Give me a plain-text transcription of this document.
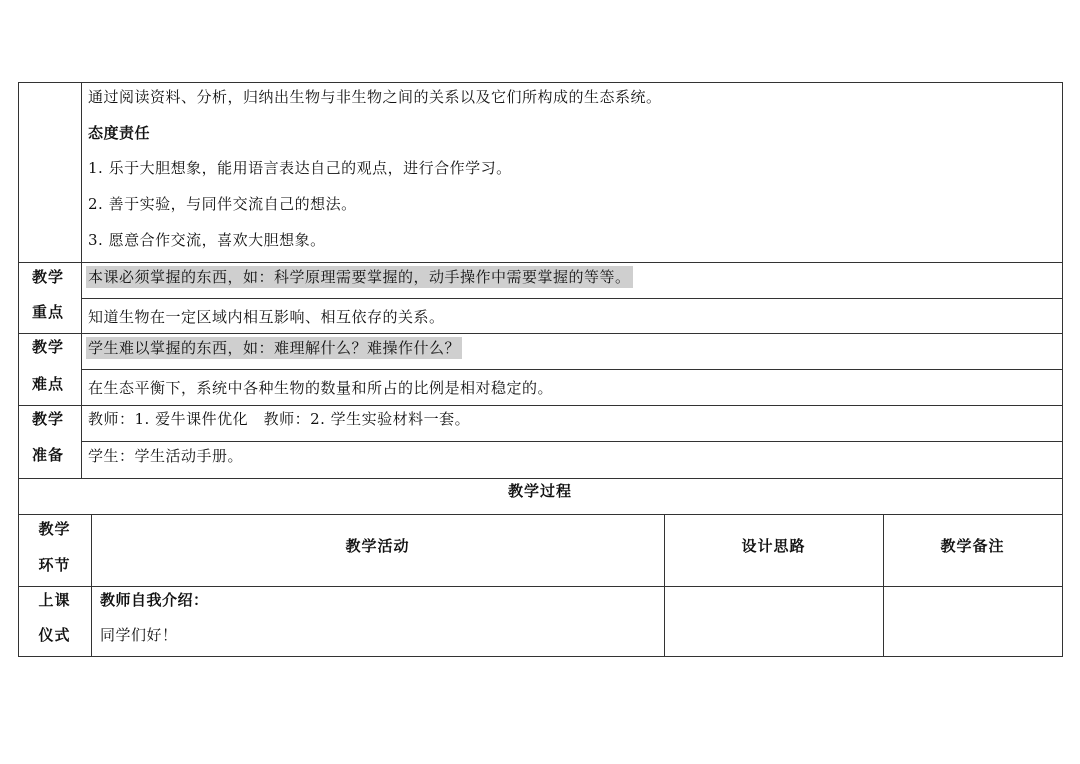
通过阅读资料、分析，归纳出生物与非生物之间的关系以及它们所构成的生态系统。
态度责任
1. 乐于大胆想象，能用语言表达自己的观点，进行合作学习。
2. 善于实验，与同伴交流自己的想法。
3. 愿意合作交流，喜欢大胆想象。
教学
重点
本课必须掌握的东西，如：科学原理需要掌握的，动手操作中需要掌握的等等。
知道生物在一定区域内相互影响、相互依存的关系。
教学
难点
学生难以掌握的东西，如：难理解什么？难操作什么？
在生态平衡下，系统中各种生物的数量和所占的比例是相对稳定的。
教学
准备
教师：1. 爱牛课件优化　教师：2. 学生实验材料一套。
学生：学生活动手册。
教学过程
教学
环节
教学活动	设计思路	教学备注
上课
仪式
教师自我介绍：
同学们好！
